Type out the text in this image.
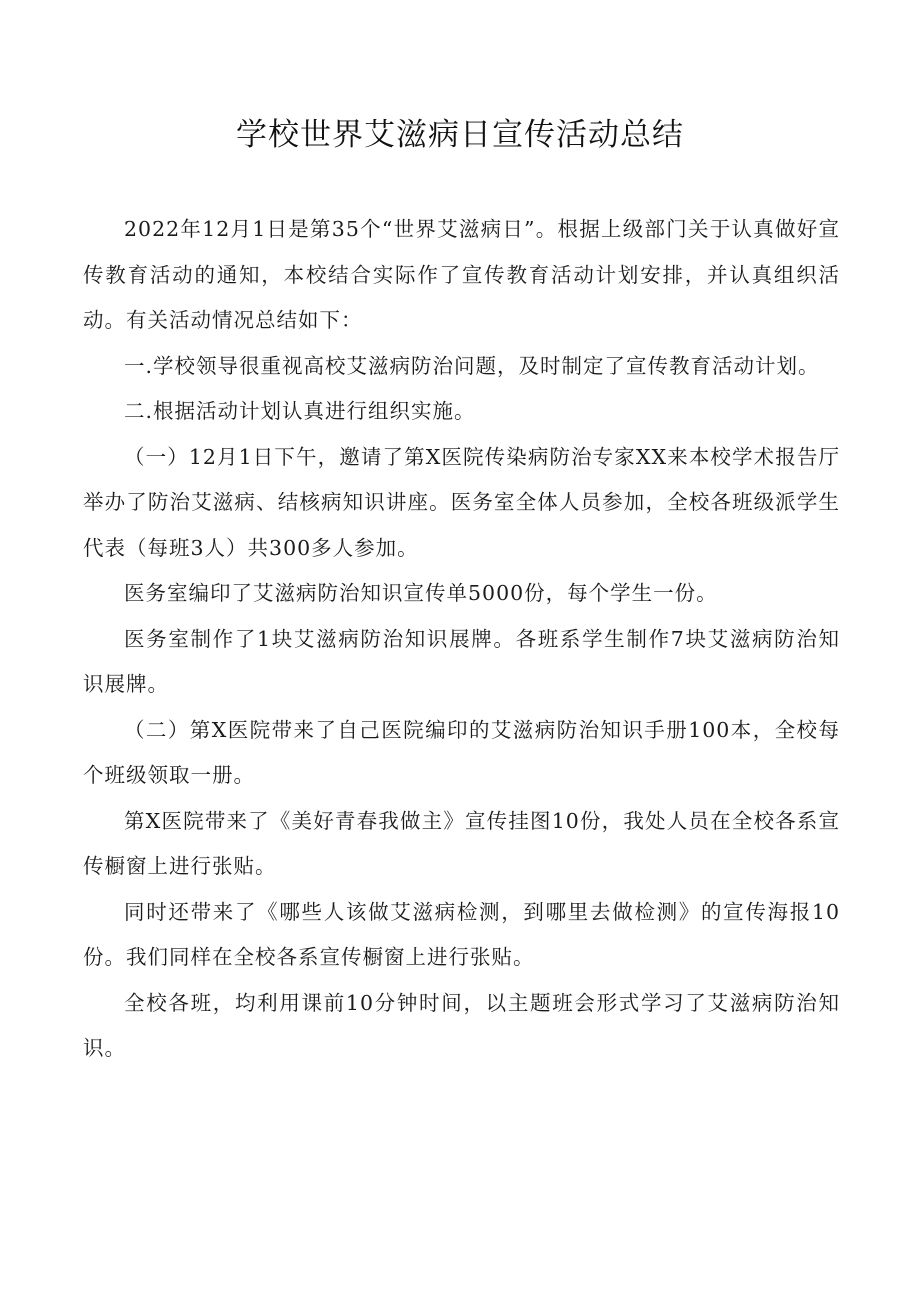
学校世界艾滋病日宣传活动总结

2022年12月1日是第35个“世界艾滋病日”。根据上级部门关于认真做好宣传教育活动的通知，本校结合实际作了宣传教育活动计划安排，并认真组织活动。有关活动情况总结如下：

一.学校领导很重视高校艾滋病防治问题，及时制定了宣传教育活动计划。

二.根据活动计划认真进行组织实施。

（一）12月1日下午，邀请了第X医院传染病防治专家XX来本校学术报告厅举办了防治艾滋病、结核病知识讲座。医务室全体人员参加，全校各班级派学生代表（每班3人）共300多人参加。

医务室编印了艾滋病防治知识宣传单5000份，每个学生一份。

医务室制作了1块艾滋病防治知识展牌。各班系学生制作7块艾滋病防治知识展牌。

（二）第X医院带来了自己医院编印的艾滋病防治知识手册100本，全校每个班级领取一册。

第X医院带来了《美好青春我做主》宣传挂图10份，我处人员在全校各系宣传橱窗上进行张贴。

同时还带来了《哪些人该做艾滋病检测，到哪里去做检测》的宣传海报10份。我们同样在全校各系宣传橱窗上进行张贴。

全校各班，均利用课前10分钟时间，以主题班会形式学习了艾滋病防治知识。
